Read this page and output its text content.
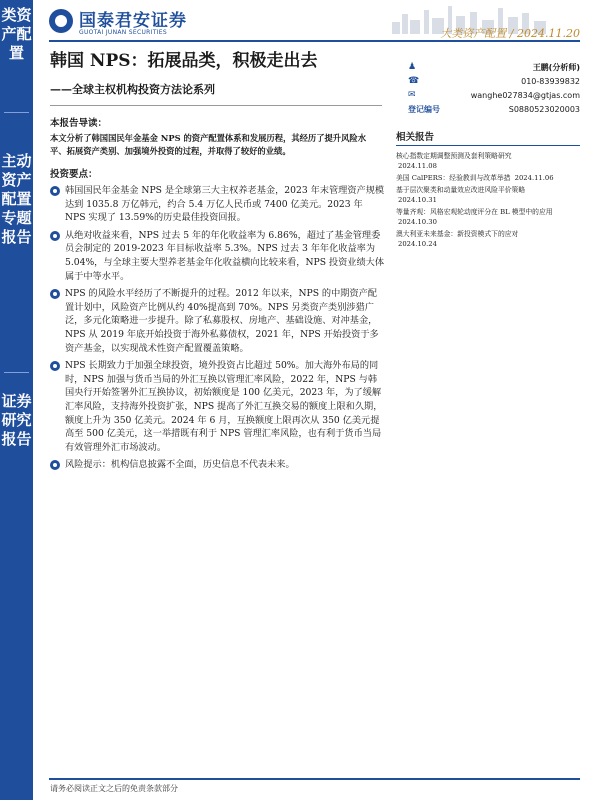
类资产配置
主动资产配置专题报告
证券研究报告
国泰君安证券
GUOTAI JUNAN SECURITIES	大类资产配置 / 2024.11.20
韩国 NPS：拓展品类，积极走出去
——全球主权机构投资方法论系列
♟	王鹏(分析师)
☎	010-83939832
✉	wanghe027834@gtjas.com
登记编号	S0880523020003
本报告导读：
本文分析了韩国国民年金基金 NPS 的资产配置体系和发展历程，其经历了提升风险水平、拓展资产类别、加强境外投资的过程，并取得了较好的业绩。
投资要点：
韩国国民年金基金 NPS 是全球第三大主权养老基金，2023 年末管理资产规模达到 1035.8 万亿韩元，约合 5.4 万亿人民币或 7400 亿美元。2023 年 NPS 实现了 13.59%的历史最佳投资回报。
从绝对收益来看，NPS 过去 5 年的年化收益率为 6.86%，超过了基金管理委员会制定的 2019-2023 年目标收益率 5.3%。NPS 过去 3 年年化收益率为 5.04%，与全球主要大型养老基金年化收益横向比较来看，NPS 投资业绩大体属于中等水平。
NPS 的风险水平经历了不断提升的过程。2012 年以来，NPS 的中期资产配置计划中，风险资产比例从约 40%提高到 70%。NPS 另类资产类别涉猎广泛，多元化策略进一步提升。除了私募股权、房地产、基础设施、对冲基金，NPS 从 2019 年底开始投资于海外私募债权，2021 年，NPS 开始投资于多资产基金，以实现战术性资产配置覆盖策略。
NPS 长期致力于加强全球投资，境外投资占比超过 50%。加大海外布局的同时，NPS 加强与货币当局的外汇互换以管理汇率风险，2022 年，NPS 与韩国央行开始签署外汇互换协议，初始额度是 100 亿美元，2023 年，为了缓解汇率风险，支持海外投资扩张，NPS 提高了外汇互换交易的额度上限和久期，额度上升为 350 亿美元。2024 年 6 月，互换额度上限再次从 350 亿美元提高至 500 亿美元，这一举措既有利于 NPS 管理汇率风险，也有利于货币当局有效管理外汇市场波动。
风险提示：机构信息披露不全面，历史信息不代表未来。
相关报告
核心指数定期调整预测及套利策略研究
2024.11.08
美国 CalPERS：经验教训与改革举措 2024.11.06
基于层次聚类和动量效应改进风险平价策略
2024.10.31
等量齐观：风格宏观轮动度评分在 BL 模型中的应用 2024.10.30
澳大利亚未来基金：新投资模式下的应对
2024.10.24
请务必阅读正文之后的免责条款部分
